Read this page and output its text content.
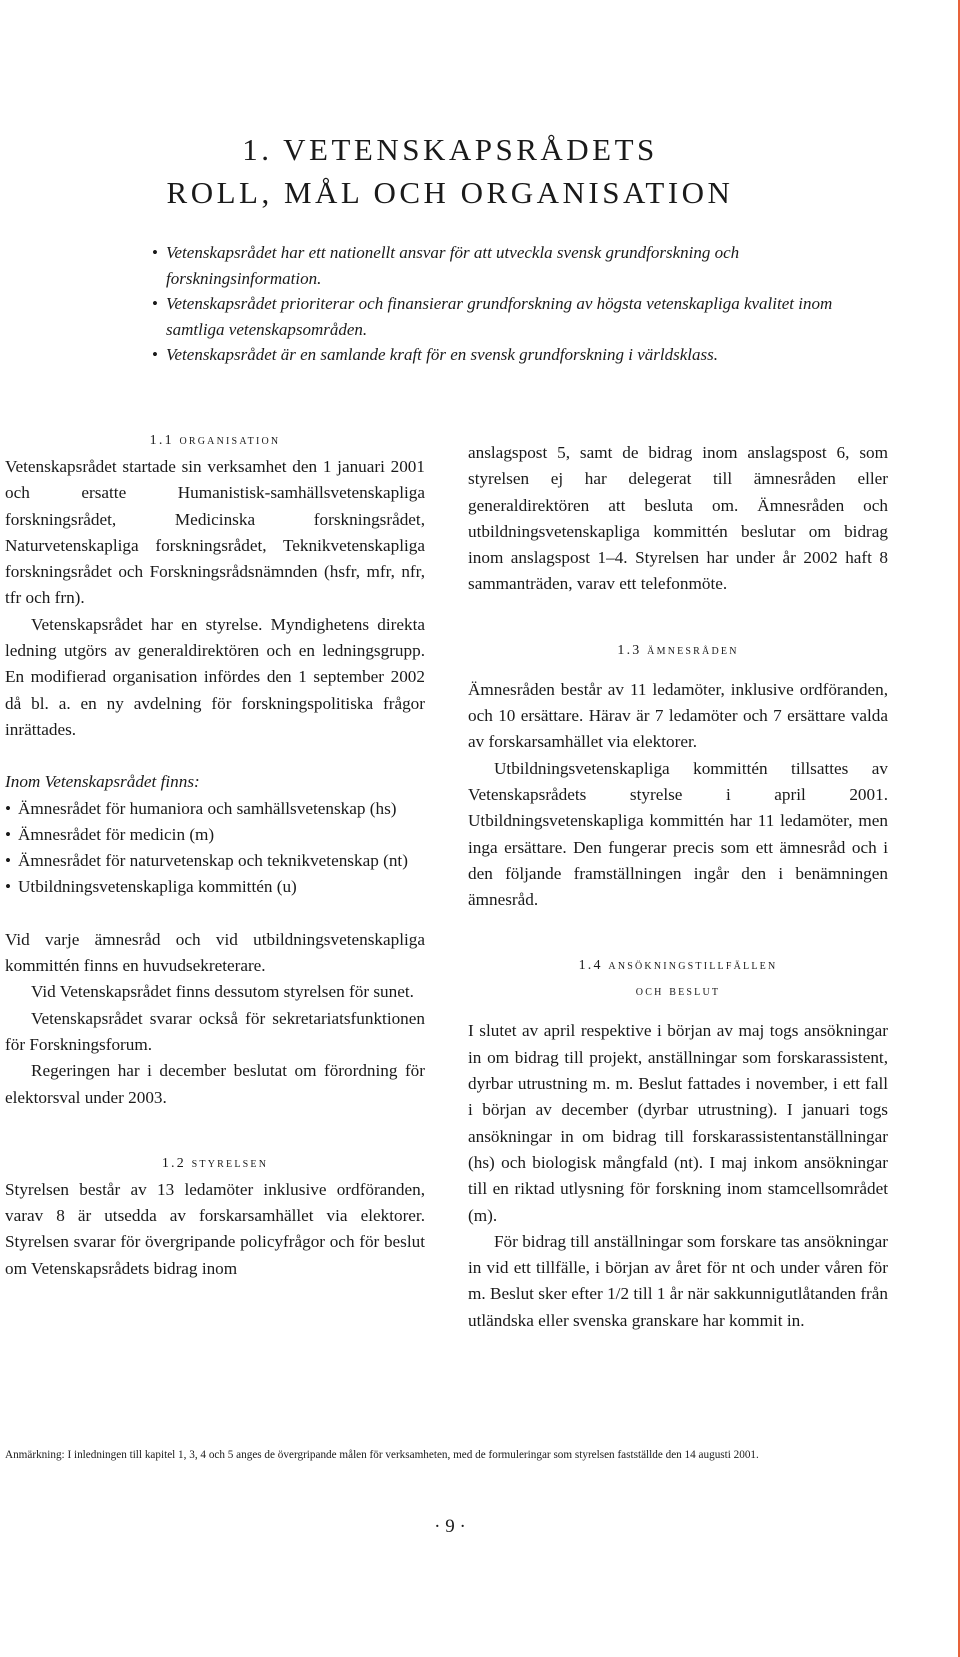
1. VETENSKAPSRÅDETS
ROLL, MÅL OCH ORGANISATION
• Vetenskapsrådet har ett nationellt ansvar för att utveckla svensk grundforskning och forskningsinformation.
• Vetenskapsrådet prioriterar och finansierar grundforskning av högsta vetenskapliga kvalitet inom samtliga vetenskapsområden.
• Vetenskapsrådet är en samlande kraft för en svensk grundforskning i världsklass.
1.1 organisation

Vetenskapsrådet startade sin verksamhet den 1 januari 2001 och ersatte Humanistisk-samhällsvetenskapliga forskningsrådet, Medicinska forskningsrådet, Naturvetenskapliga forskningsrådet, Teknikvetenskapliga forskningsrådet och Forskningsrådsnämnden (hsfr, mfr, nfr, tfr och frn).

Vetenskapsrådet har en styrelse. Myndighetens direkta ledning utgörs av generaldirektören och en ledningsgrupp. En modifierad organisation infördes den 1 september 2002 då bl. a. en ny avdelning för forskningspolitiska frågor inrättades.

Inom Vetenskapsrådet finns:

• Ämnesrådet för humaniora och samhällsvetenskap (hs)
• Ämnesrådet för medicin (m)
• Ämnesrådet för naturvetenskap och teknikvetenskap (nt)
• Utbildningsvetenskapliga kommittén (u)

Vid varje ämnesråd och vid utbildningsvetenskapliga kommittén finns en huvudsekreterare.

Vid Vetenskapsrådet finns dessutom styrelsen för sunet.

Vetenskapsrådet svarar också för sekretariatsfunktionen för Forskningsforum.

Regeringen har i december beslutat om förordning för elektorsval under 2003.

1.2 styrelsen

Styrelsen består av 13 ledamöter inklusive ordföranden, varav 8 är utsedda av forskarsamhället via elektorer. Styrelsen svarar för övergripande policyfrågor och för beslut om Vetenskapsrådets bidrag inom

anslagspost 5, samt de bidrag inom anslagspost 6, som styrelsen ej har delegerat till ämnesråden eller generaldirektören att besluta om. Ämnesråden och utbildningsvetenskapliga kommittén beslutar om bidrag inom anslagspost 1–4. Styrelsen har under år 2002 haft 8 sammanträden, varav ett telefonmöte.

1.3 ämnesråden

Ämnesråden består av 11 ledamöter, inklusive ordföranden, och 10 ersättare. Härav är 7 ledamöter och 7 ersättare valda av forskarsamhället via elektorer.

Utbildningsvetenskapliga kommittén tillsattes av Vetenskapsrådets styrelse i april 2001. Utbildningsvetenskapliga kommittén har 11 ledamöter, men inga ersättare. Den fungerar precis som ett ämnesråd och i den följande framställningen ingår den i benämningen ämnesråd.

1.4 ansökningstillfällen
och beslut

I slutet av april respektive i början av maj togs ansökningar in om bidrag till projekt, anställningar som forskarassistent, dyrbar utrustning m. m. Beslut fattades i november, i ett fall i början av december (dyrbar utrustning). I januari togs ansökningar in om bidrag till forskarassistentanställningar (hs) och biologisk mångfald (nt). I maj inkom ansökningar till en riktad utlysning för forskning inom stamcellsområdet (m).

För bidrag till anställningar som forskare tas ansökningar in vid ett tillfälle, i början av året för nt och under våren för m. Beslut sker efter 1/2 till 1 år när sakkunnigutlåtanden från utländska eller svenska granskare har kommit in.

Anmärkning: I inledningen till kapitel 1, 3, 4 och 5 anges de övergripande målen för verksamheten, med de formuleringar som styrelsen fastställde den 14 augusti 2001.

· 9 ·
